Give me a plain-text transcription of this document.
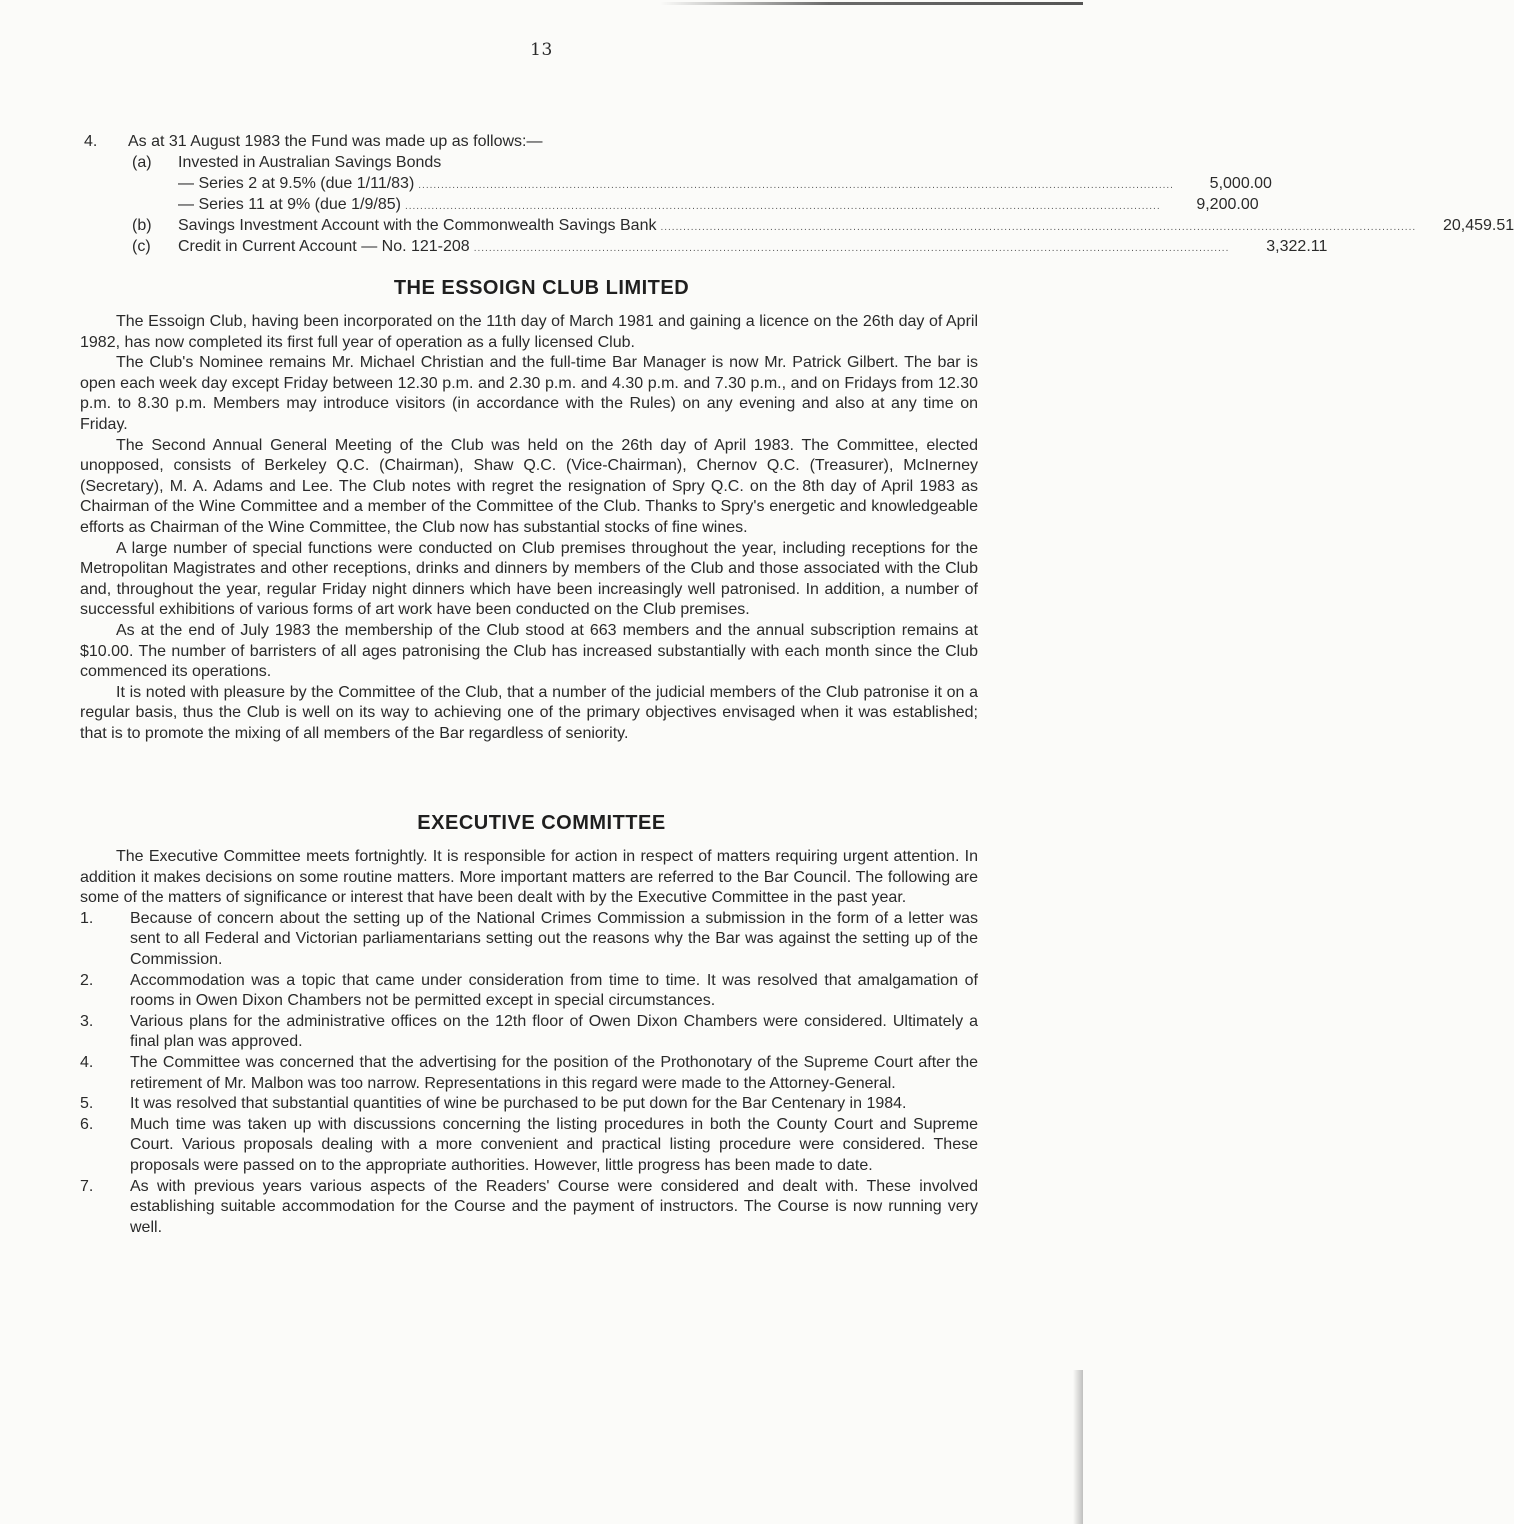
13
4.	As at 31 August 1983 the Fund was made up as follows:—
(a)	Invested in Australian Savings Bonds
— Series 2 at 9.5% (due 1/11/83) ........................................................................................................................................................................................................	5,000.00
— Series 11 at 9% (due 1/9/85) ........................................................................................................................................................................................................	9,200.00
(b)	Savings Investment Account with the Commonwealth Savings Bank ........................................................................................................................................................................................................	20,459.51
(c)	Credit in Current Account — No. 121-208 ........................................................................................................................................................................................................	3,322.11
THE ESSOIGN CLUB LIMITED

The Essoign Club, having been incorporated on the 11th day of March 1981 and gaining a licence on the 26th day of April 1982, has now completed its first full year of operation as a fully licensed Club.

The Club's Nominee remains Mr. Michael Christian and the full-time Bar Manager is now Mr. Patrick Gilbert. The bar is open each week day except Friday between 12.30 p.m. and 2.30 p.m. and 4.30 p.m. and 7.30 p.m., and on Fridays from 12.30 p.m. to 8.30 p.m. Members may introduce visitors (in accordance with the Rules) on any evening and also at any time on Friday.

The Second Annual General Meeting of the Club was held on the 26th day of April 1983. The Committee, elected unopposed, consists of Berkeley Q.C. (Chairman), Shaw Q.C. (Vice-Chairman), Chernov Q.C. (Treasurer), McInerney (Secretary), M. A. Adams and Lee. The Club notes with regret the resignation of Spry Q.C. on the 8th day of April 1983 as Chairman of the Wine Committee and a member of the Committee of the Club. Thanks to Spry's energetic and knowledgeable efforts as Chairman of the Wine Committee, the Club now has substantial stocks of fine wines.

A large number of special functions were conducted on Club premises throughout the year, including receptions for the Metropolitan Magistrates and other receptions, drinks and dinners by members of the Club and those associated with the Club and, throughout the year, regular Friday night dinners which have been increasingly well patronised. In addition, a number of successful exhibitions of various forms of art work have been conducted on the Club premises.

As at the end of July 1983 the membership of the Club stood at 663 members and the annual subscription remains at $10.00. The number of barristers of all ages patronising the Club has increased substantially with each month since the Club commenced its operations.

It is noted with pleasure by the Committee of the Club, that a number of the judicial members of the Club patronise it on a regular basis, thus the Club is well on its way to achieving one of the primary objectives envisaged when it was established; that is to promote the mixing of all members of the Bar regardless of seniority.

EXECUTIVE COMMITTEE

The Executive Committee meets fortnightly. It is responsible for action in respect of matters requiring urgent attention. In addition it makes decisions on some routine matters. More important matters are referred to the Bar Council. The following are some of the matters of significance or interest that have been dealt with by the Executive Committee in the past year.

1.	Because of concern about the setting up of the National Crimes Commission a submission in the form of a letter was sent to all Federal and Victorian parliamentarians setting out the reasons why the Bar was against the setting up of the Commission.
2.	Accommodation was a topic that came under consideration from time to time. It was resolved that amalgamation of rooms in Owen Dixon Chambers not be permitted except in special circumstances.
3.	Various plans for the administrative offices on the 12th floor of Owen Dixon Chambers were considered. Ultimately a final plan was approved.
4.	The Committee was concerned that the advertising for the position of the Prothonotary of the Supreme Court after the retirement of Mr. Malbon was too narrow. Representations in this regard were made to the Attorney-General.
5.	It was resolved that substantial quantities of wine be purchased to be put down for the Bar Centenary in 1984.
6.	Much time was taken up with discussions concerning the listing procedures in both the County Court and Supreme Court. Various proposals dealing with a more convenient and practical listing procedure were considered. These proposals were passed on to the appropriate authorities. However, little progress has been made to date.
7.	As with previous years various aspects of the Readers' Course were considered and dealt with. These involved establishing suitable accommodation for the Course and the payment of instructors. The Course is now running very well.
